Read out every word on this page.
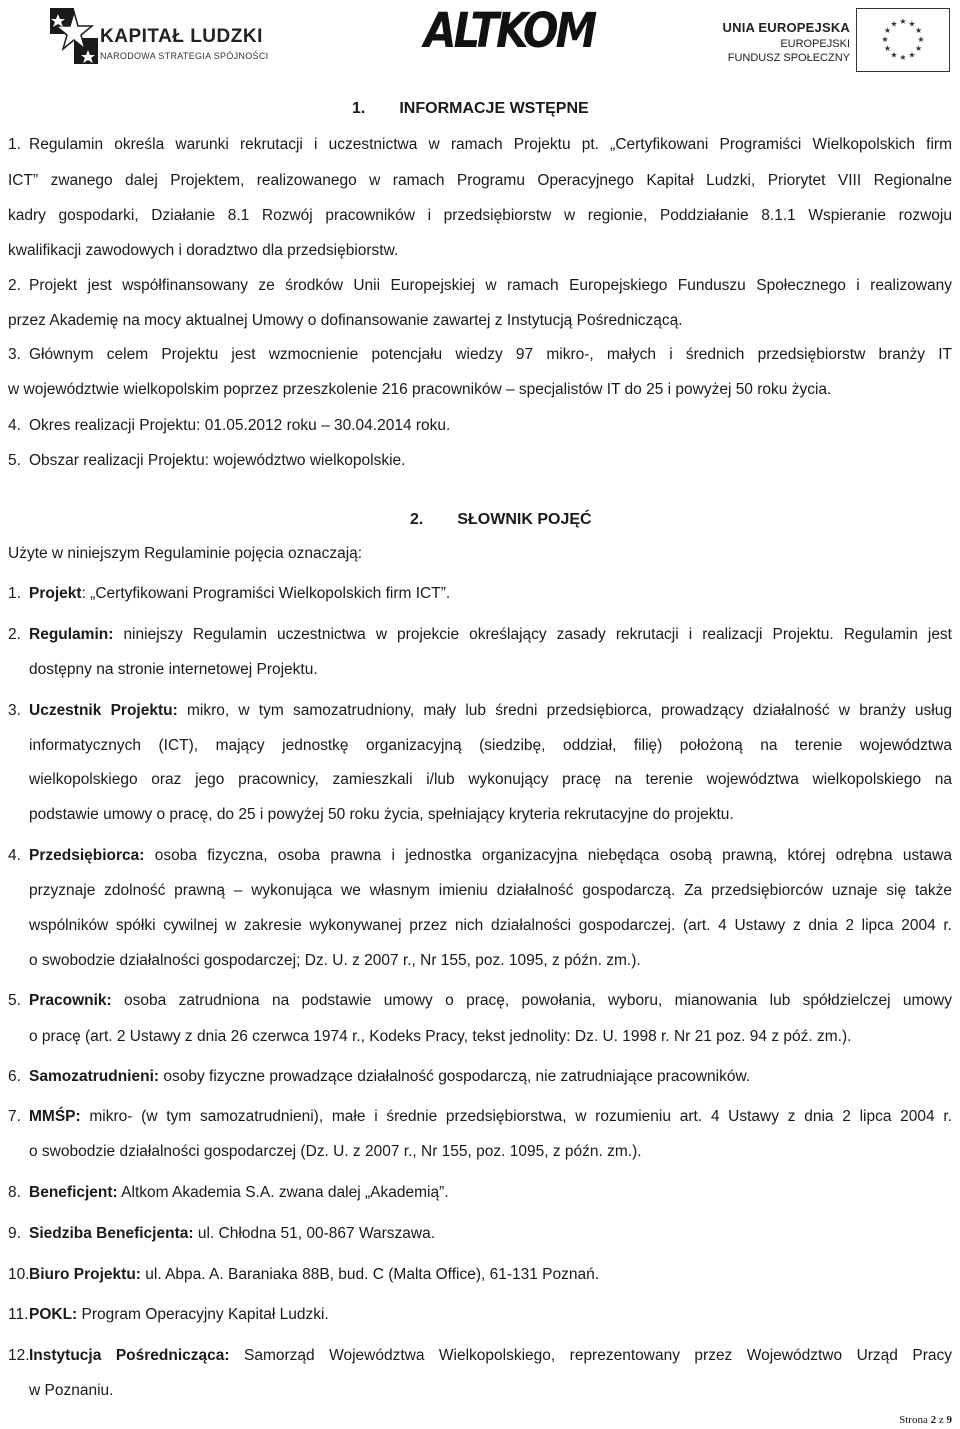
KAPITAŁ LUDZKI
NARODOWA STRATEGIA SPÓJNOŚCI	ALTKOM	UNIA EUROPEJSKA
EUROPEJSKI
FUNDUSZ SPOŁECZNY
★ ★
★
★
★
★
★
★
★
★
★
★
1. INFORMACJE WSTĘPNE
1. Regulamin określa warunki rekrutacji i uczestnictwa w ramach Projektu pt. „Certyfikowani Programiści Wielkopolskich firm
ICT” zwanego dalej Projektem, realizowanego w ramach Programu Operacyjnego Kapitał Ludzki, Priorytet VIII Regionalne
kadry gospodarki, Działanie 8.1 Rozwój pracowników i przedsiębiorstw w regionie, Poddziałanie 8.1.1 Wspieranie rozwoju
kwalifikacji zawodowych i doradztwo dla przedsiębiorstw.
2. Projekt jest współfinansowany ze środków Unii Europejskiej w ramach Europejskiego Funduszu Społecznego i realizowany
przez Akademię na mocy aktualnej Umowy o dofinansowanie zawartej z Instytucją Pośredniczącą.
3. Głównym celem Projektu jest wzmocnienie potencjału wiedzy 97 mikro-, małych i średnich przedsiębiorstw branży IT
w województwie wielkopolskim poprzez przeszkolenie 216 pracowników – specjalistów IT do 25 i powyżej 50 roku życia.
4. Okres realizacji Projektu: 01.05.2012 roku – 30.04.2014 roku.
5. Obszar realizacji Projektu: województwo wielkopolskie.
2. SŁOWNIK POJĘĆ
Użyte w niniejszym Regulaminie pojęcia oznaczają:
1. Projekt: „Certyfikowani Programiści Wielkopolskich firm ICT”.
2. Regulamin: niniejszy Regulamin uczestnictwa w projekcie określający zasady rekrutacji i realizacji Projektu. Regulamin jest
dostępny na stronie internetowej Projektu.
3. Uczestnik Projektu: mikro, w tym samozatrudniony, mały lub średni przedsiębiorca, prowadzący działalność w branży usług
informatycznych (ICT), mający jednostkę organizacyjną (siedzibę, oddział, filię) położoną na terenie województwa
wielkopolskiego oraz jego pracownicy, zamieszkali i/lub wykonujący pracę na terenie województwa wielkopolskiego na
podstawie umowy o pracę, do 25 i powyżej 50 roku życia, spełniający kryteria rekrutacyjne do projektu.
4. Przedsiębiorca: osoba fizyczna, osoba prawna i jednostka organizacyjna niebędąca osobą prawną, której odrębna ustawa
przyznaje zdolność prawną – wykonująca we własnym imieniu działalność gospodarczą. Za przedsiębiorców uznaje się także
wspólników spółki cywilnej w zakresie wykonywanej przez nich działalności gospodarczej. (art. 4 Ustawy z dnia 2 lipca 2004 r.
o swobodzie działalności gospodarczej; Dz. U. z 2007 r., Nr 155, poz. 1095, z późn. zm.).
5. Pracownik: osoba zatrudniona na podstawie umowy o pracę, powołania, wyboru, mianowania lub spółdzielczej umowy
o pracę (art. 2 Ustawy z dnia 26 czerwca 1974 r., Kodeks Pracy, tekst jednolity: Dz. U. 1998 r. Nr 21 poz. 94 z póź. zm.).
6. Samozatrudnieni: osoby fizyczne prowadzące działalność gospodarczą, nie zatrudniające pracowników.
7. MMŚP: mikro- (w tym samozatrudnieni), małe i średnie przedsiębiorstwa, w rozumieniu art. 4 Ustawy z dnia 2 lipca 2004 r.
o swobodzie działalności gospodarczej (Dz. U. z 2007 r., Nr 155, poz. 1095, z późn. zm.).
8. Beneficjent: Altkom Akademia S.A. zwana dalej „Akademią”.
9. Siedziba Beneficjenta: ul. Chłodna 51, 00-867 Warszawa.
10. Biuro Projektu: ul. Abpa. A. Baraniaka 88B, bud. C (Malta Office), 61-131 Poznań.
11. POKL: Program Operacyjny Kapitał Ludzki.
12. Instytucja Pośrednicząca: Samorząd Województwa Wielkopolskiego, reprezentowany przez Województwo Urząd Pracy
w Poznaniu.
Strona 2 z 9
